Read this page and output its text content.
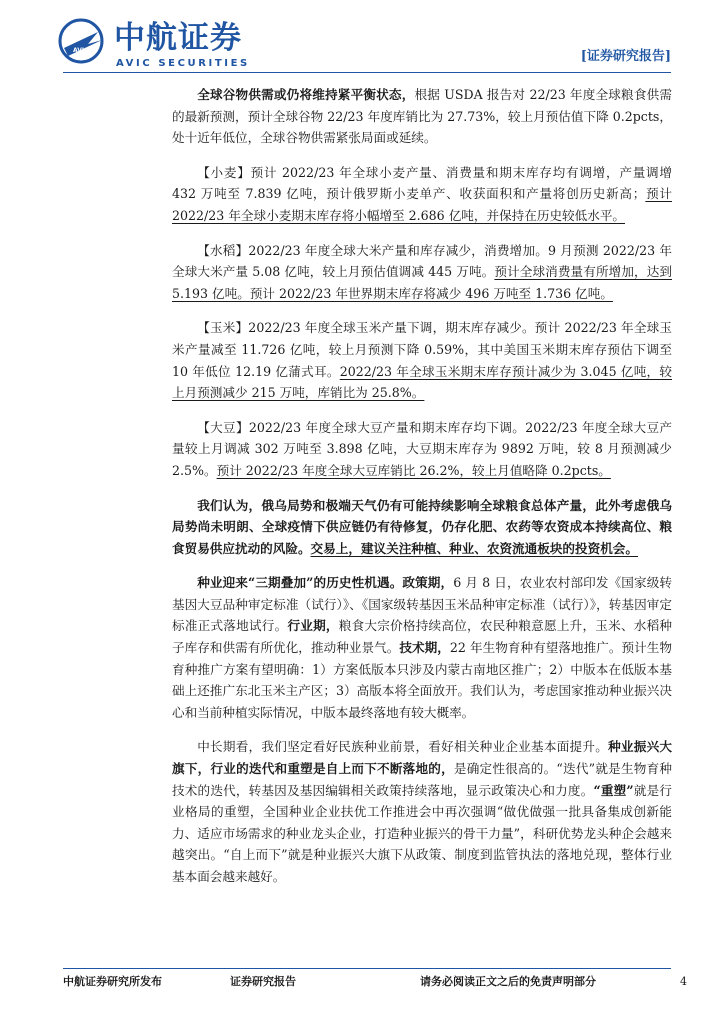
AVIC 中航证券
AVIC SECURITIES	[证券研究报告]

全球谷物供需或仍将维持紧平衡状态，根据 USDA 报告对 22/23 年度全球粮食供需的最新预测，预计全球谷物 22/23 年度库销比为 27.73%，较上月预估值下降 0.2pcts，处十近年低位，全球谷物供需紧张局面或延续。

【小麦】预计 2022/23 年全球小麦产量、消费量和期末库存均有调增，产量调增 432 万吨至 7.839 亿吨，预计俄罗斯小麦单产、收获面积和产量将创历史新高；预计 2022/23 年全球小麦期末库存将小幅增至 2.686 亿吨，并保持在历史较低水平。

【水稻】2022/23 年度全球大米产量和库存减少，消费增加。9 月预测 2022/23 年全球大米产量 5.08 亿吨，较上月预估值调减 445 万吨。预计全球消费量有所增加，达到 5.193 亿吨。预计 2022/23 年世界期末库存将减少 496 万吨至 1.736 亿吨。

【玉米】2022/23 年度全球玉米产量下调，期末库存减少。预计 2022/23 年全球玉米产量减至 11.726 亿吨，较上月预测下降 0.59%，其中美国玉米期末库存预估下调至 10 年低位 12.19 亿蒲式耳。2022/23 年全球玉米期末库存预计减少为 3.045 亿吨，较上月预测减少 215 万吨，库销比为 25.8%。

【大豆】2022/23 年度全球大豆产量和期末库存均下调。2022/23 年度全球大豆产量较上月调减 302 万吨至 3.898 亿吨，大豆期末库存为 9892 万吨，较 8 月预测减少 2.5%。预计 2022/23 年度全球大豆库销比 26.2%，较上月值略降 0.2pcts。

我们认为，俄乌局势和极端天气仍有可能持续影响全球粮食总体产量，此外考虑俄乌局势尚未明朗、全球疫情下供应链仍有待修复，仍存化肥、农药等农资成本持续高位、粮食贸易供应扰动的风险。交易上，建议关注种植、种业、农资流通板块的投资机会。

种业迎来“三期叠加”的历史性机遇。政策期，6 月 8 日，农业农村部印发《国家级转基因大豆品种审定标准（试行）》、《国家级转基因玉米品种审定标准（试行）》，转基因审定标准正式落地试行。行业期，粮食大宗价格持续高位，农民种粮意愿上升，玉米、水稻种子库存和供需有所优化，推动种业景气。技术期，22 年生物育种有望落地推广。预计生物育种推广方案有望明确：1）方案低版本只涉及内蒙古南地区推广；2）中版本在低版本基础上还推广东北玉米主产区；3）高版本将全面放开。我们认为，考虑国家推动种业振兴决心和当前种植实际情况，中版本最终落地有较大概率。

中长期看，我们坚定看好民族种业前景，看好相关种业企业基本面提升。种业振兴大旗下，行业的迭代和重塑是自上而下不断落地的，是确定性很高的。“迭代”就是生物育种技术的迭代，转基因及基因编辑相关政策持续落地，显示政策决心和力度。“重塑”就是行业格局的重塑，全国种业企业扶优工作推进会中再次强调“做优做强一批具备集成创新能力、适应市场需求的种业龙头企业，打造种业振兴的骨干力量”，科研优势龙头种企会越来越突出。“自上而下”就是种业振兴大旗下从政策、制度到监管执法的落地兑现，整体行业基本面会越来越好。

中航证券研究所发布	证券研究报告	请务必阅读正文之后的免责声明部分	4
